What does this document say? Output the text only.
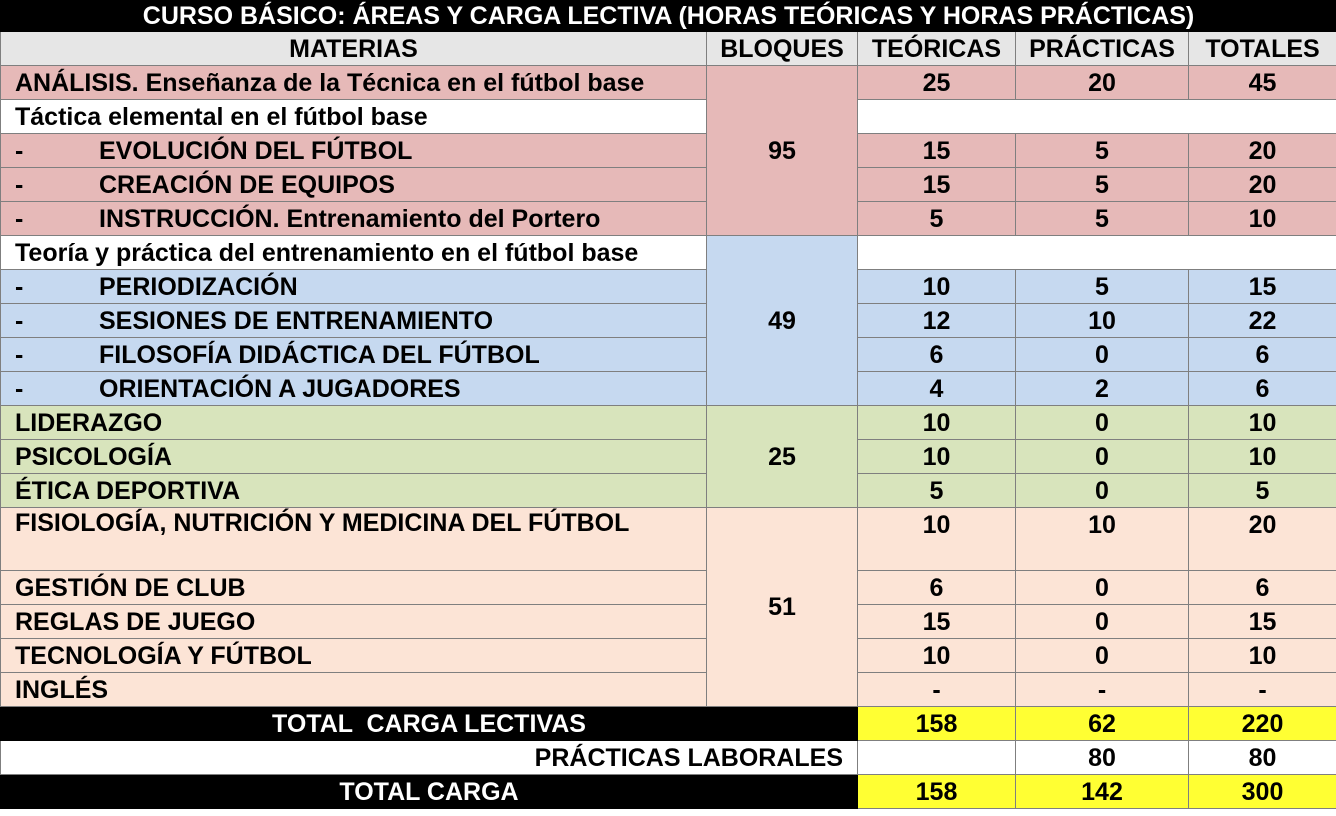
CURSO BÁSICO: ÁREAS Y CARGA LECTIVA (HORAS TEÓRICAS Y HORAS PRÁCTICAS)				
MATERIAS	BLOQUES	TEÓRICAS	PRÁCTICAS	TOTALES
ANÁLISIS. Enseñanza de la Técnica en el fútbol base	95	25	20	45
Táctica elemental en el fútbol base				
- EVOLUCIÓN DEL FÚTBOL		15	5	20
- CREACIÓN DE EQUIPOS		15	5	20
- INSTRUCCIÓN. Entrenamiento del Portero		5	5	10
Teoría y práctica del entrenamiento en el fútbol base	49			
- PERIODIZACIÓN		10	5	15
- SESIONES DE ENTRENAMIENTO		12	10	22
- FILOSOFÍA DIDÁCTICA DEL FÚTBOL		6	0	6
- ORIENTACIÓN A JUGADORES		4	2	6
LIDERAZGO	25	10	0	10
PSICOLOGÍA		10	0	10
ÉTICA DEPORTIVA		5	0	5
FISIOLOGÍA, NUTRICIÓN Y MEDICINA DEL FÚTBOL	51	10	10	20
GESTIÓN DE CLUB		6	0	6
REGLAS DE JUEGO		15	0	15
TECNOLOGÍA Y FÚTBOL		10	0	10
INGLÉS		-	-	-
TOTAL  CARGA LECTIVAS		158	62	220
PRÁCTICAS LABORALES			80	80
TOTAL CARGA		158	142	300
